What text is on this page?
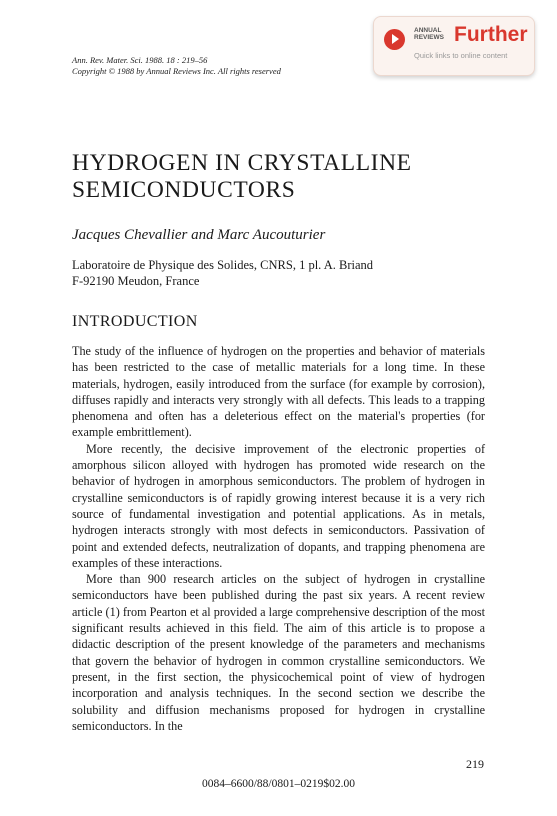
Ann. Rev. Mater. Sci. 1988. 18 : 219–56
Copyright © 1988 by Annual Reviews Inc. All rights reserved
ANNUAL
REVIEWS Further
Quick links to online content
HYDROGEN IN CRYSTALLINE
SEMICONDUCTORS
Jacques Chevallier and Marc Aucouturier
Laboratoire de Physique des Solides, CNRS, 1 pl. A. Briand
F-92190 Meudon, France
INTRODUCTION

The study of the influence of hydrogen on the properties and behavior of materials has been restricted to the case of metallic materials for a long time. In these materials, hydrogen, easily introduced from the surface (for example by corrosion), diffuses rapidly and interacts very strongly with all defects. This leads to a trapping phenomena and often has a deleterious effect on the material's properties (for example embrittlement).

More recently, the decisive improvement of the electronic properties of amorphous silicon alloyed with hydrogen has promoted wide research on the behavior of hydrogen in amorphous semiconductors. The problem of hydrogen in crystalline semiconductors is of rapidly growing interest because it is a very rich source of fundamental investigation and potential applications. As in metals, hydrogen interacts strongly with most defects in semiconductors. Passivation of point and extended defects, neutralization of dopants, and trapping phenomena are examples of these interactions.

More than 900 research articles on the subject of hydrogen in crystalline semiconductors have been published during the past six years. A recent review article (1) from Pearton et al provided a large comprehensive description of the most significant results achieved in this field. The aim of this article is to propose a didactic description of the present knowledge of the parameters and mechanisms that govern the behavior of hydrogen in common crystalline semiconductors. We present, in the first section, the physicochemical point of view of hydrogen incorporation and analysis techniques. In the second section we describe the solubility and diffusion mechanisms proposed for hydrogen in crystalline semiconductors. In the

219
0084–6600/88/0801–0219$02.00
